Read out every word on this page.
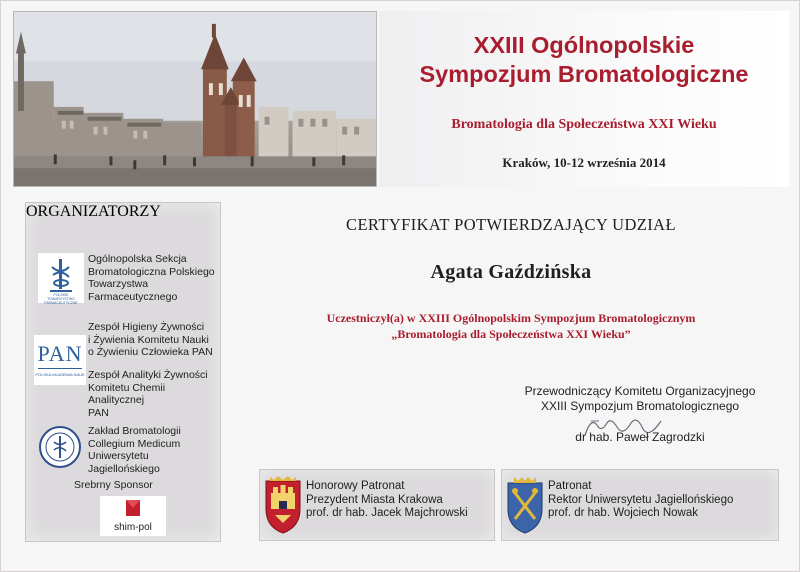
XXIII Ogólnopolskie
Sympozjum Bromatologiczne
Bromatologia dla Społeczeństwa XXI Wieku
Kraków, 10-12 września 2014
ORGANIZATORZY
POLSKIE TOWARZYSTWO FARMACEUTYCZNE
Ogólnopolska Sekcja
Bromatologiczna Polskiego
Towarzystwa
Farmaceutycznego
PAN
POLSKA AKADEMIA NAUK
Zespół Higieny Żywności
i Żywienia Komitetu Nauki
o Żywieniu Człowieka PAN
Zespół Analityki Żywności
Komitetu Chemii Analitycznej
PAN
Zakład Bromatologii
Collegium Medicum
Uniwersytetu Jagiellońskiego
Srebrny Sponsor
shim-pol
CERTYFIKAT POTWIERDZAJĄCY UDZIAŁ
Agata Gaździńska
Uczestniczył(a) w XXIII Ogólnopolskim Sympozjum Bromatologicznym
„Bromatologia dla Społeczeństwa XXI Wieku”
Przewodniczący Komitetu Organizacyjnego
XXIII Sympozjum Bromatologicznego
dr hab. Paweł Zagrodzki
Honorowy Patronat
Prezydent Miasta Krakowa
prof. dr hab. Jacek Majchrowski
Patronat
Rektor Uniwersytetu Jagiellońskiego
prof. dr hab. Wojciech Nowak
